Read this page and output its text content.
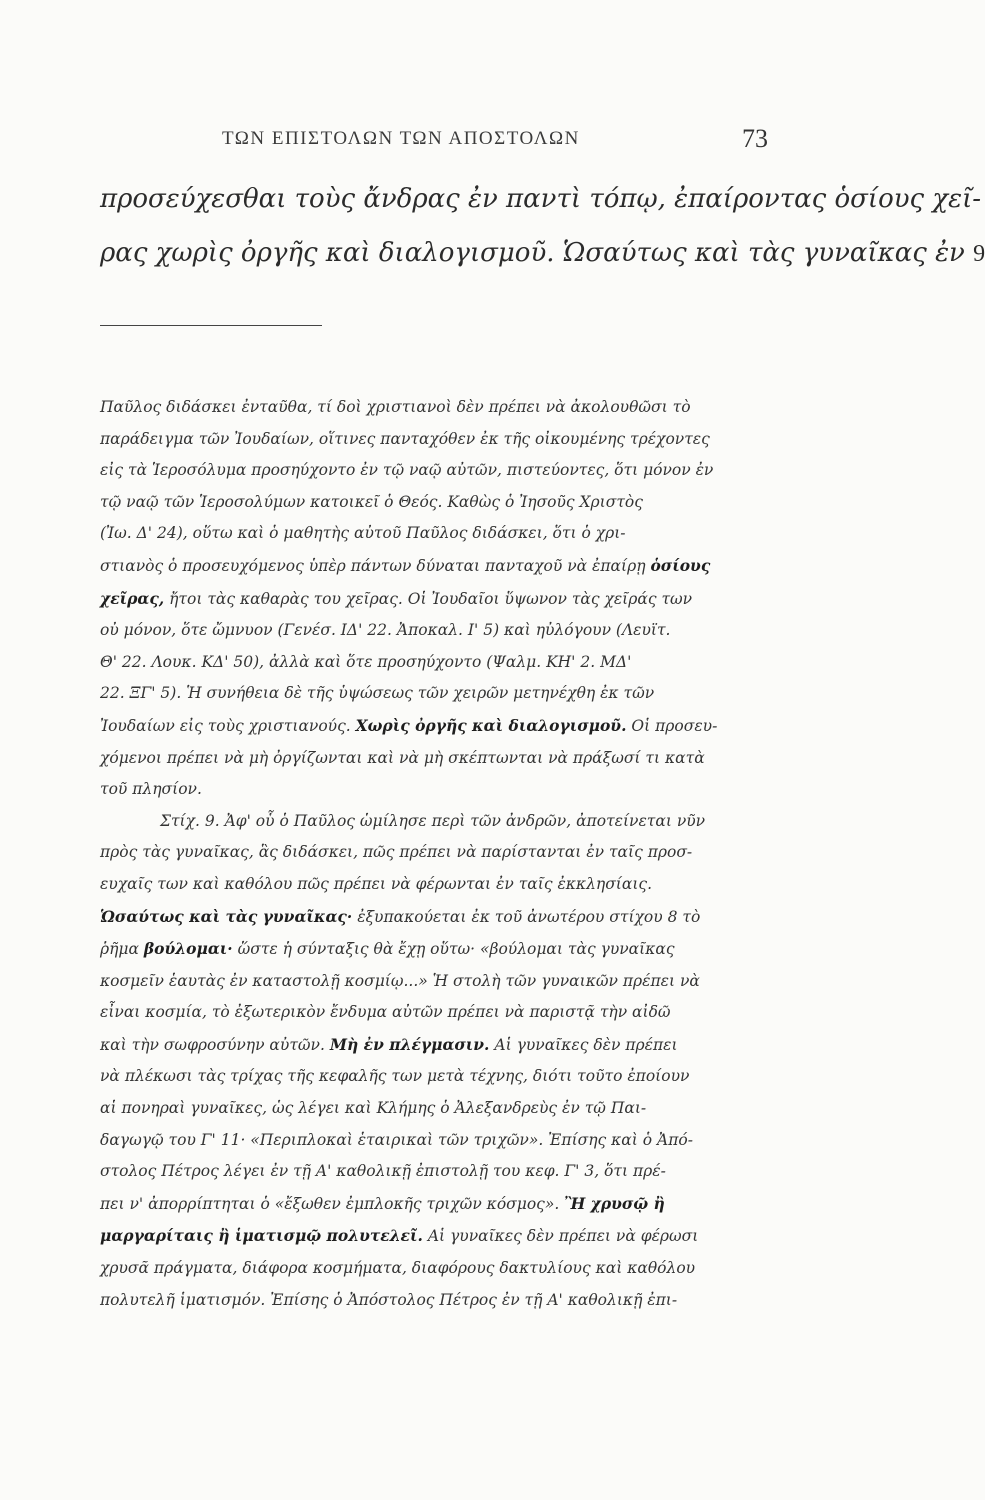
ΤΩΝ ΕΠΙΣΤΟΛΩΝ ΤΩΝ ΑΠΟΣΤΟΛΩΝ	73
προσεύχεσθαι τοὺς ἄνδρας ἐν παντὶ τόπῳ, ἐπαίροντας ὁσίους χεῖ-
ρας χωρὶς ὀργῆς καὶ διαλογισμοῦ. Ὡσαύτως καὶ τὰς γυναῖκας ἐν 9
Παῦλος διδάσκει ἐνταῦθα, τί δοὶ χριστιανοὶ δὲν πρέπει νὰ ἀκολουθῶσι τὸ
παράδειγμα τῶν Ἰουδαίων, οἵτινες πανταχόθεν ἐκ τῆς οἰκουμένης τρέχοντες
εἰς τὰ Ἱεροσόλυμα προσηύχοντο ἐν τῷ ναῷ αὐτῶν, πιστεύοντες, ὅτι μόνον ἐν
τῷ ναῷ τῶν Ἱεροσολύμων κατοικεῖ ὁ Θεός. Καθὼς ὁ Ἰησοῦς Χριστὸς
(Ἰω. Δ' 24), οὕτω καὶ ὁ μαθητὴς αὐτοῦ Παῦλος διδάσκει, ὅτι ὁ χρι-
στιανὸς ὁ προσευχόμενος ὑπὲρ πάντων δύναται πανταχοῦ νὰ ἐπαίρῃ ὁσίους
χεῖρας, ἤτοι τὰς καθαρὰς του χεῖρας. Οἱ Ἰουδαῖοι ὕψωνον τὰς χεῖράς των
οὐ μόνον, ὅτε ὤμνυον (Γενέσ. ΙΔ' 22. Ἀποκαλ. Ι' 5) καὶ ηὐλόγουν (Λευϊτ.
Θ' 22. Λουκ. ΚΔ' 50), ἀλλὰ καὶ ὅτε προσηύχοντο (Ψαλμ. ΚΗ' 2. ΜΔ'
22. ΞΓ' 5). Ἡ συνήθεια δὲ τῆς ὑψώσεως τῶν χειρῶν μετηνέχθη ἐκ τῶν
Ἰουδαίων εἰς τοὺς χριστιανούς. Χωρὶς ὀργῆς καὶ διαλογισμοῦ. Οἱ προσευ-
χόμενοι πρέπει νὰ μὴ ὀργίζωνται καὶ νὰ μὴ σκέπτωνται νὰ πράξωσί τι κατὰ
τοῦ πλησίον.
Στίχ. 9. Ἀφ' οὗ ὁ Παῦλος ὡμίλησε περὶ τῶν ἀνδρῶν, ἀποτείνεται νῦν
πρὸς τὰς γυναῖκας, ἃς διδάσκει, πῶς πρέπει νὰ παρίστανται ἐν ταῖς προσ-
ευχαῖς των καὶ καθόλου πῶς πρέπει νὰ φέρωνται ἐν ταῖς ἐκκλησίαις.
Ὡσαύτως καὶ τὰς γυναῖκας· ἐξυπακούεται ἐκ τοῦ ἀνωτέρου στίχου 8 τὸ
ῥῆμα βούλομαι· ὥστε ἡ σύνταξις θὰ ἔχῃ οὕτω· «βούλομαι τὰς γυναῖκας
κοσμεῖν ἑαυτὰς ἐν καταστολῇ κοσμίῳ...» Ἡ στολὴ τῶν γυναικῶν πρέπει νὰ
εἶναι κοσμία, τὸ ἐξωτερικὸν ἔνδυμα αὐτῶν πρέπει νὰ παριστᾷ τὴν αἰδῶ
καὶ τὴν σωφροσύνην αὐτῶν. Μὴ ἐν πλέγμασιν. Αἱ γυναῖκες δὲν πρέπει
νὰ πλέκωσι τὰς τρίχας τῆς κεφαλῆς των μετὰ τέχνης, διότι τοῦτο ἐποίουν
αἱ πονηραὶ γυναῖκες, ὡς λέγει καὶ Κλήμης ὁ Ἀλεξανδρεὺς ἐν τῷ Παι-
δαγωγῷ του Γ' 11· «Περιπλοκαὶ ἑταιρικαὶ τῶν τριχῶν». Ἐπίσης καὶ ὁ Ἀπό-
στολος Πέτρος λέγει ἐν τῇ Α' καθολικῇ ἐπιστολῇ του κεφ. Γ' 3, ὅτι πρέ-
πει ν' ἀπορρίπτηται ὁ «ἔξωθεν ἐμπλοκῆς τριχῶν κόσμος». Ἢ χρυσῷ ἢ
μαργαρίταις ἢ ἱματισμῷ πολυτελεῖ. Αἱ γυναῖκες δὲν πρέπει νὰ φέρωσι
χρυσᾶ πράγματα, διάφορα κοσμήματα, διαφόρους δακτυλίους καὶ καθόλου
πολυτελῆ ἱματισμόν. Ἐπίσης ὁ Ἀπόστολος Πέτρος ἐν τῇ Α' καθολικῇ ἐπι-
